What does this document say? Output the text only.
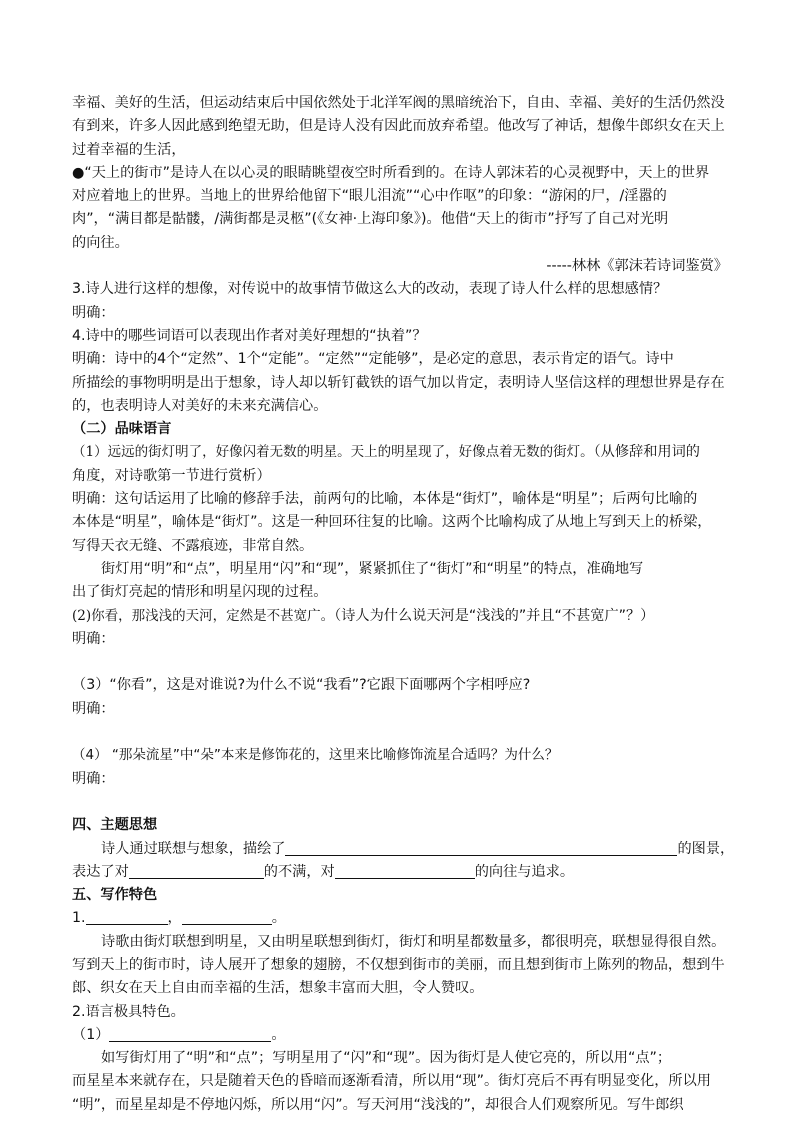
幸福、美好的生活，但运动结束后中国依然处于北洋军阀的黑暗统治下，自由、幸福、美好的生活仍然没
有到来，许多人因此感到绝望无助，但是诗人没有因此而放弃希望。他改写了神话，想像牛郎织女在天上
过着幸福的生活，
●“天上的街市”是诗人在以心灵的眼睛眺望夜空时所看到的。在诗人郭沫若的心灵视野中，天上的世界
对应着地上的世界。当地上的世界给他留下“眼儿泪流”“心中作呕”的印象：“游闲的尸，/淫嚣的
肉”，“满目都是骷髅，/满街都是灵柩”(《女神·上海印象》)。他借“天上的街市”抒写了自己对光明
的向往。
-----林林《郭沫若诗词鉴赏》
3.诗人进行这样的想像，对传说中的故事情节做这么大的改动，表现了诗人什么样的思想感情？
明确：
4.诗中的哪些词语可以表现出作者对美好理想的“执着”？
明确：诗中的4个“定然”、1个“定能”。“定然”“定能够”，是必定的意思，表示肯定的语气。诗中
所描绘的事物明明是出于想象，诗人却以斩钉截铁的语气加以肯定，表明诗人坚信这样的理想世界是存在
的，也表明诗人对美好的未来充满信心。
（二）品味语言
（1）远远的街灯明了，好像闪着无数的明星。天上的明星现了，好像点着无数的街灯。（从修辞和用词的
角度，对诗歌第一节进行赏析）
明确：这句话运用了比喻的修辞手法，前两句的比喻，本体是“街灯”，喻体是“明星”；后两句比喻的
本体是“明星”，喻体是“街灯”。这是一种回环往复的比喻。这两个比喻构成了从地上写到天上的桥梁，
写得天衣无缝、不露痕迹，非常自然。
街灯用“明”和“点”，明星用“闪”和“现”，紧紧抓住了“街灯”和“明星”的特点，准确地写
出了街灯亮起的情形和明星闪现的过程。
(2)你看，那浅浅的天河，定然是不甚宽广。（诗人为什么说天河是“浅浅的”并且“不甚宽广”？）
明确：
（3）“你看”，这是对谁说?为什么不说“我看”?它跟下面哪两个字相呼应?
明确：
（4） “那朵流星”中“朵”本来是修饰花的，这里来比喻修饰流星合适吗？为什么？
明确：
四、主题思想
诗人通过联想与想象，描绘了	的图景，
表达了对	的不满，对	的向往与追求。
五、写作特色
1.	，	。
诗歌由街灯联想到明星，又由明星联想到街灯，街灯和明星都数量多，都很明亮，联想显得很自然。
写到天上的街市时，诗人展开了想象的翅膀，不仅想到街市的美丽，而且想到街市上陈列的物品，想到牛
郎、织女在天上自由而幸福的生活，想象丰富而大胆，令人赞叹。
2.语言极具特色。
（1）	。
如写街灯用了“明”和“点”；写明星用了“闪”和“现”。因为街灯是人使它亮的，所以用“点”；
而星星本来就存在，只是随着天色的昏暗而逐渐看清，所以用“现”。街灯亮后不再有明显变化，所以用
“明”，而星星却是不停地闪烁，所以用“闪”。写天河用“浅浅的”，却很合人们观察所见。写牛郎织
